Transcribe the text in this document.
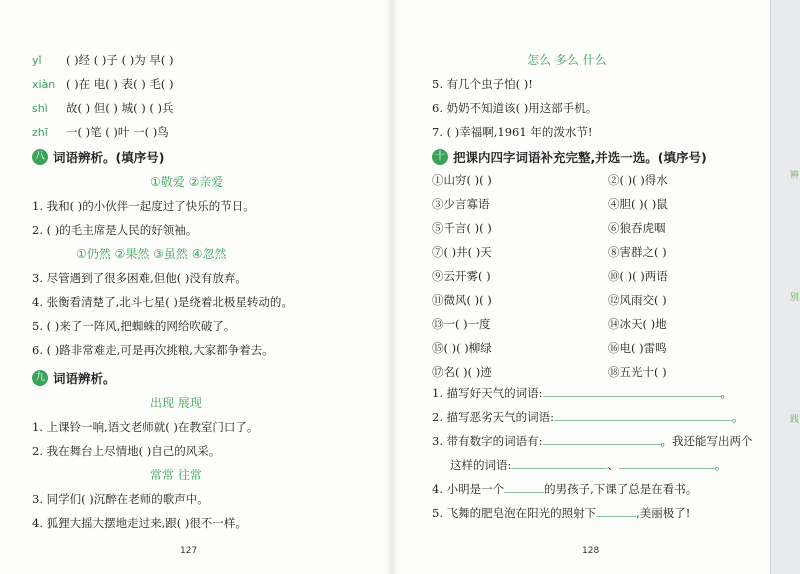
辨
别
践
yǐ ( )经 ( )子 ( )为 早( )
xiàn ( )在 电( ) 表( ) 毛( )
shì 故( ) 但( ) 城( ) ( )兵
zhī 一( )笔 ( )叶 一( )鸟
八 词语辨析。(填序号)
①敬爱 ②亲爱
1. 我和( )的小伙伴一起度过了快乐的节日。
2. ( )的毛主席是人民的好领袖。
①仍然 ②果然 ③虽然 ④忽然
3. 尽管遇到了很多困难,但他( )没有放弃。
4. 张衡看清楚了,北斗七星( )是绕着北极星转动的。
5. ( )来了一阵风,把蜘蛛的网给吹破了。
6. ( )路非常难走,可是再次挑粮,大家都争着去。
九 词语辨析。
出现 展现
1. 上课铃一响,语文老师就( )在教室门口了。
2. 我在舞台上尽情地( )自己的风采。
常常 往常
3. 同学们( )沉醉在老师的歌声中。
4. 狐狸大摇大摆地走过来,跟( )很不一样。
127
怎么 多么 什么
5. 有几个虫子怕( )!
6. 奶奶不知道该( )用这部手机。
7. ( )幸福啊,1961 年的泼水节!
十 把课内四字词语补充完整,并选一选。(填序号)
①山穷( )( )	②( )( )得水
③少言寡语	④胆( )( )鼠
⑤千言( )( )	⑥狼吞虎咽
⑦( )井( )天	⑧害群之( )
⑨云开雾( )	⑩( )( )两语
⑪微风( )( )	⑫风雨交( )
⑬一( )一度	⑭冰天( )地
⑮( )( )柳绿	⑯电( )雷鸣
⑰名( )( )迹	⑱五光十( )
1. 描写好天气的词语:	。
2. 描写恶劣天气的词语:	。
3. 带有数字的词语有:	。我还能写出两个
这样的词语:	、	。
4. 小明是一个	的男孩子,下课了总是在看书。
5. 飞舞的肥皂泡在阳光的照射下	,美丽极了!
128
